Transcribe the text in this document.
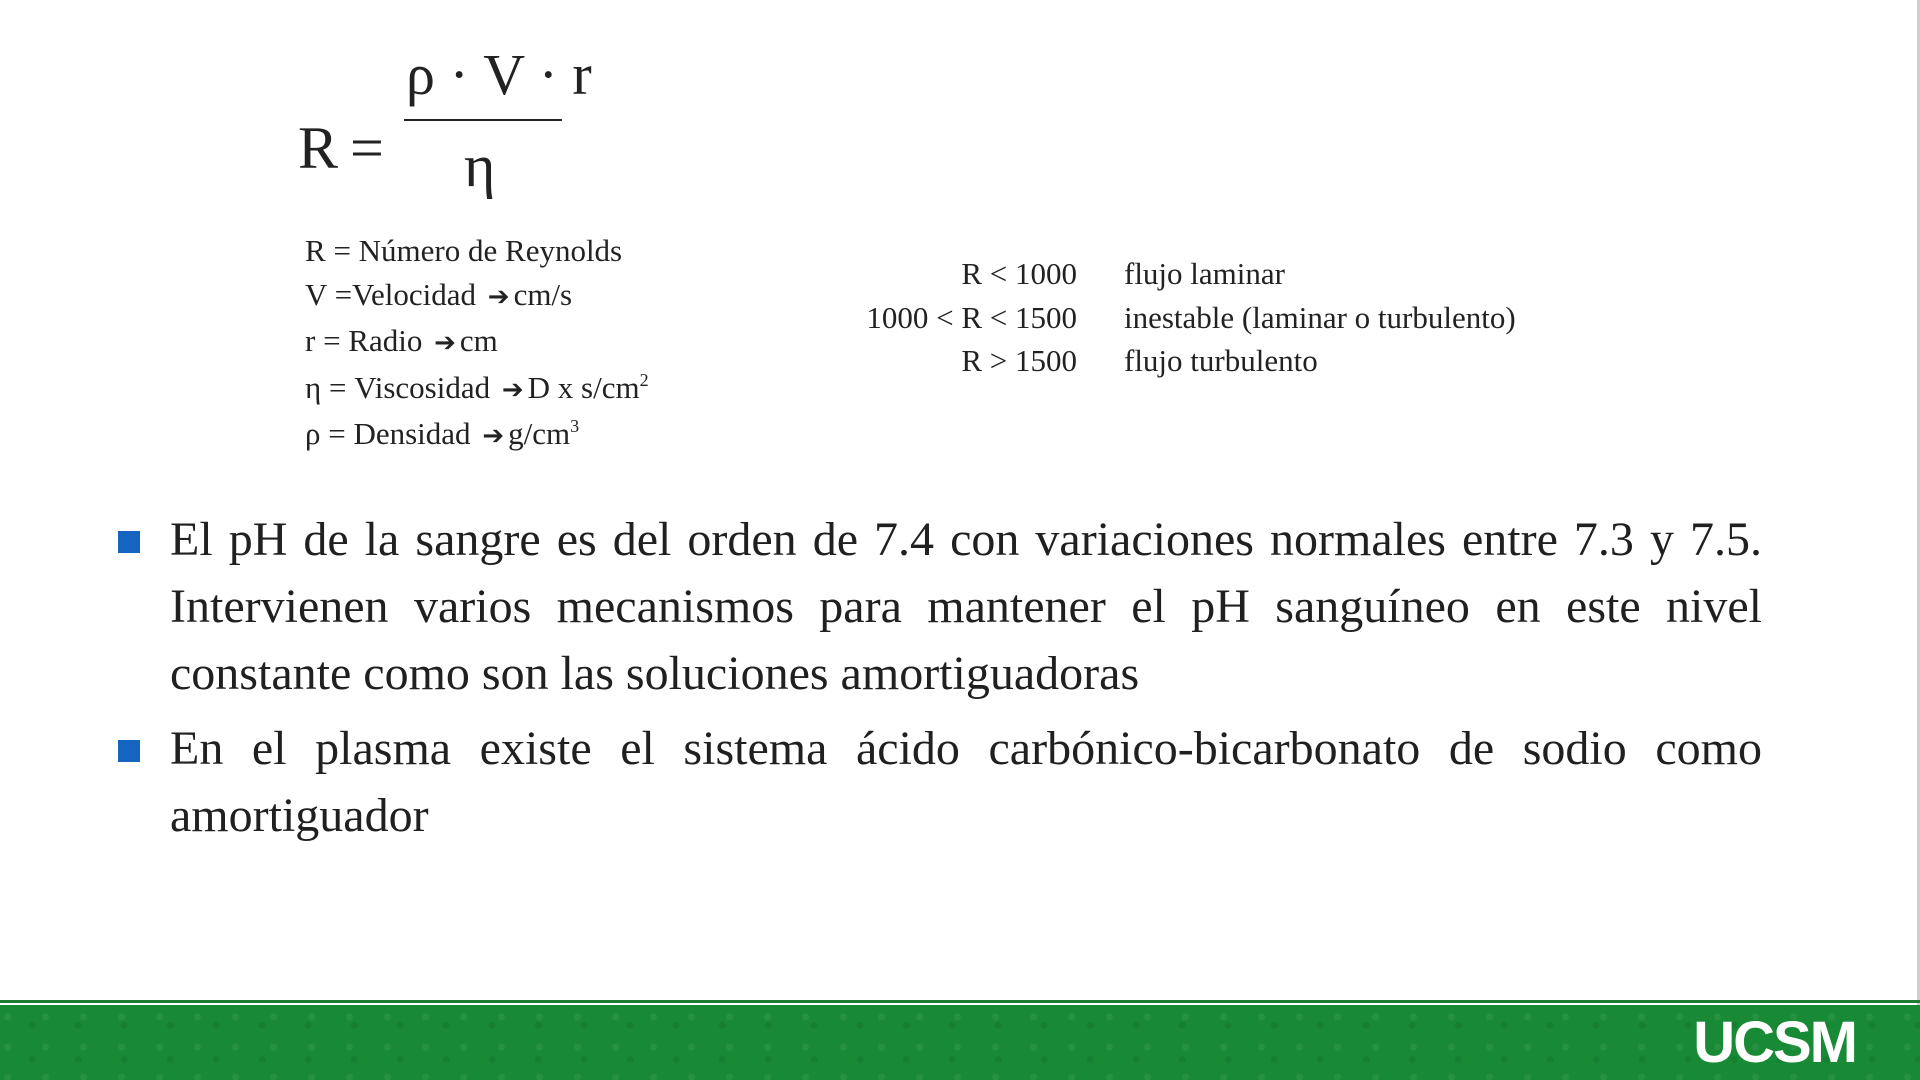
R =
ρ · V · r
η
R = Número de Reynolds
V =Velocidad ➔ cm/s
r = Radio ➔ cm
η = Viscosidad ➔ D x $s/cm^2$
ρ = Densidad ➔ $g/cm^3$
R < 1000	flujo laminar
1000 < R < 1500	inestable (laminar o turbulento)
R > 1500	flujo turbulento
El pH de la sangre es del orden de 7.4 con variaciones normales entre 7.3 y 7.5. Intervienen varios mecanismos para mantener el pH sanguíneo en este nivel constante como son las soluciones amortiguadoras
En el plasma existe el sistema ácido carbónico-bicarbonato de sodio como amortiguador
UCSM
